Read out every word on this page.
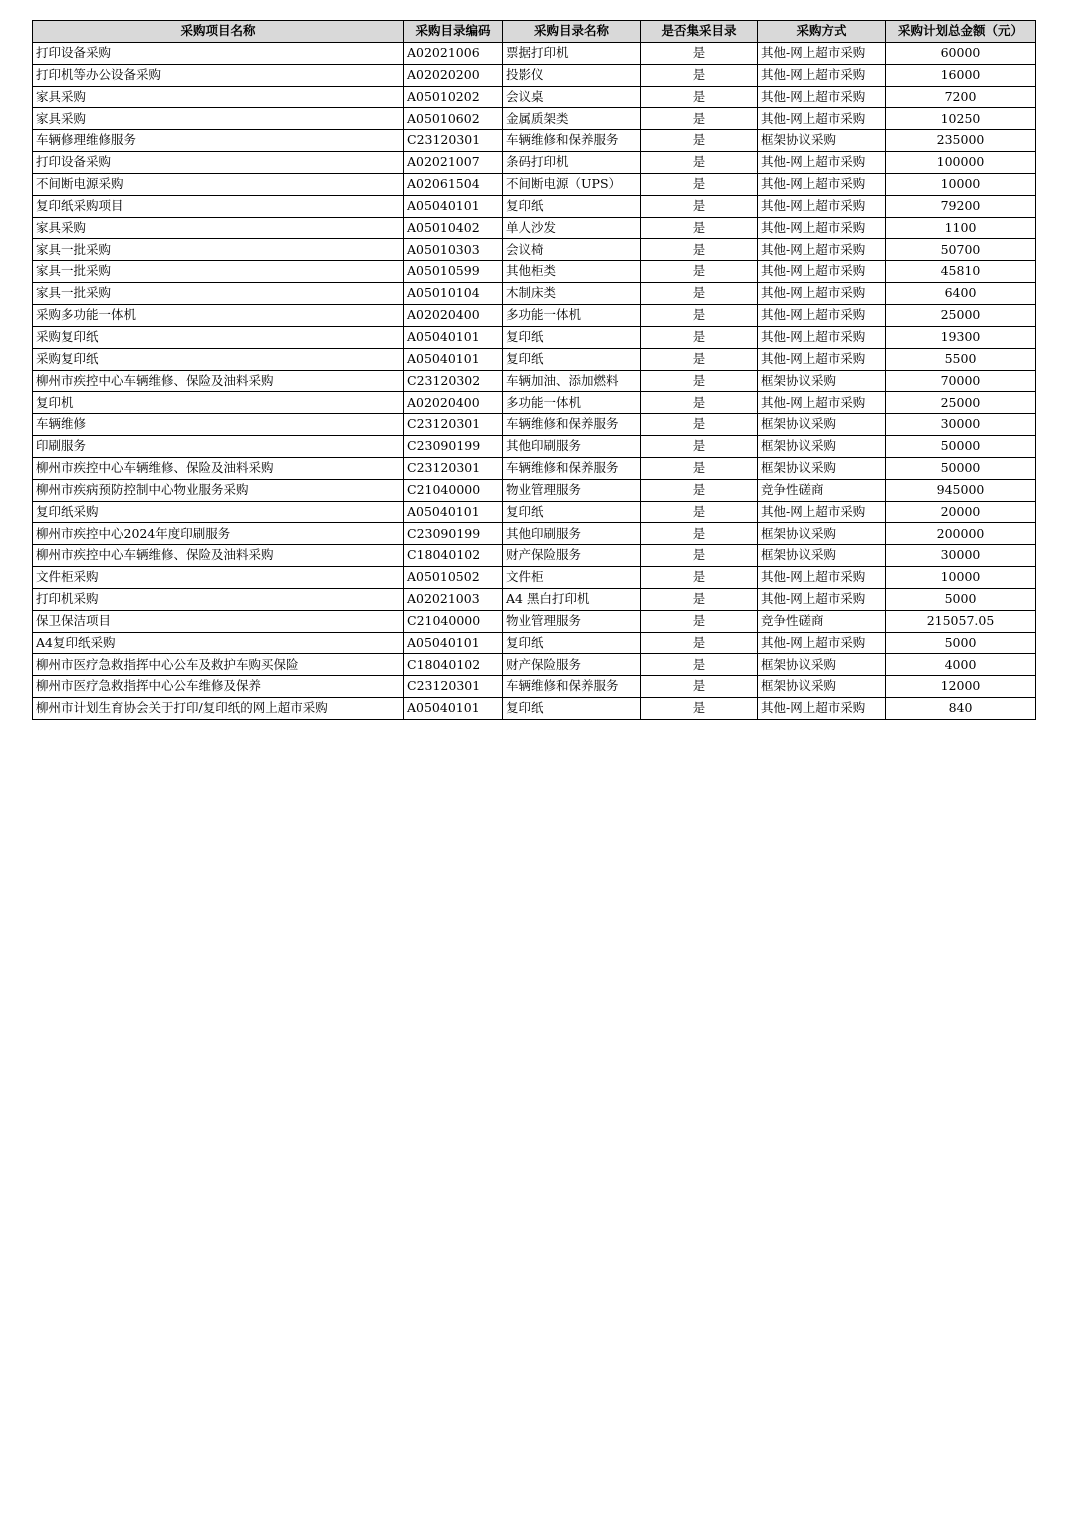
采购项目名称	采购目录编码	采购目录名称	是否集采目录	采购方式	采购计划总金额（元）
打印设备采购	A02021006	票据打印机	是	其他-网上超市采购	60000
打印机等办公设备采购	A02020200	投影仪	是	其他-网上超市采购	16000
家具采购	A05010202	会议桌	是	其他-网上超市采购	7200
家具采购	A05010602	金属质架类	是	其他-网上超市采购	10250
车辆修理维修服务	C23120301	车辆维修和保养服务	是	框架协议采购	235000
打印设备采购	A02021007	条码打印机	是	其他-网上超市采购	100000
不间断电源采购	A02061504	不间断电源（UPS）	是	其他-网上超市采购	10000
复印纸采购项目	A05040101	复印纸	是	其他-网上超市采购	79200
家具采购	A05010402	单人沙发	是	其他-网上超市采购	1100
家具一批采购	A05010303	会议椅	是	其他-网上超市采购	50700
家具一批采购	A05010599	其他柜类	是	其他-网上超市采购	45810
家具一批采购	A05010104	木制床类	是	其他-网上超市采购	6400
采购多功能一体机	A02020400	多功能一体机	是	其他-网上超市采购	25000
采购复印纸	A05040101	复印纸	是	其他-网上超市采购	19300
采购复印纸	A05040101	复印纸	是	其他-网上超市采购	5500
柳州市疾控中心车辆维修、保险及油料采购	C23120302	车辆加油、添加燃料	是	框架协议采购	70000
复印机	A02020400	多功能一体机	是	其他-网上超市采购	25000
车辆维修	C23120301	车辆维修和保养服务	是	框架协议采购	30000
印刷服务	C23090199	其他印刷服务	是	框架协议采购	50000
柳州市疾控中心车辆维修、保险及油料采购	C23120301	车辆维修和保养服务	是	框架协议采购	50000
柳州市疾病预防控制中心物业服务采购	C21040000	物业管理服务	是	竞争性磋商	945000
复印纸采购	A05040101	复印纸	是	其他-网上超市采购	20000
柳州市疾控中心2024年度印刷服务	C23090199	其他印刷服务	是	框架协议采购	200000
柳州市疾控中心车辆维修、保险及油料采购	C18040102	财产保险服务	是	框架协议采购	30000
文件柜采购	A05010502	文件柜	是	其他-网上超市采购	10000
打印机采购	A02021003	A4 黑白打印机	是	其他-网上超市采购	5000
保卫保洁项目	C21040000	物业管理服务	是	竞争性磋商	215057.05
A4复印纸采购	A05040101	复印纸	是	其他-网上超市采购	5000
柳州市医疗急救指挥中心公车及救护车购买保险	C18040102	财产保险服务	是	框架协议采购	4000
柳州市医疗急救指挥中心公车维修及保养	C23120301	车辆维修和保养服务	是	框架协议采购	12000
柳州市计划生育协会关于打印/复印纸的网上超市采购	A05040101	复印纸	是	其他-网上超市采购	840
